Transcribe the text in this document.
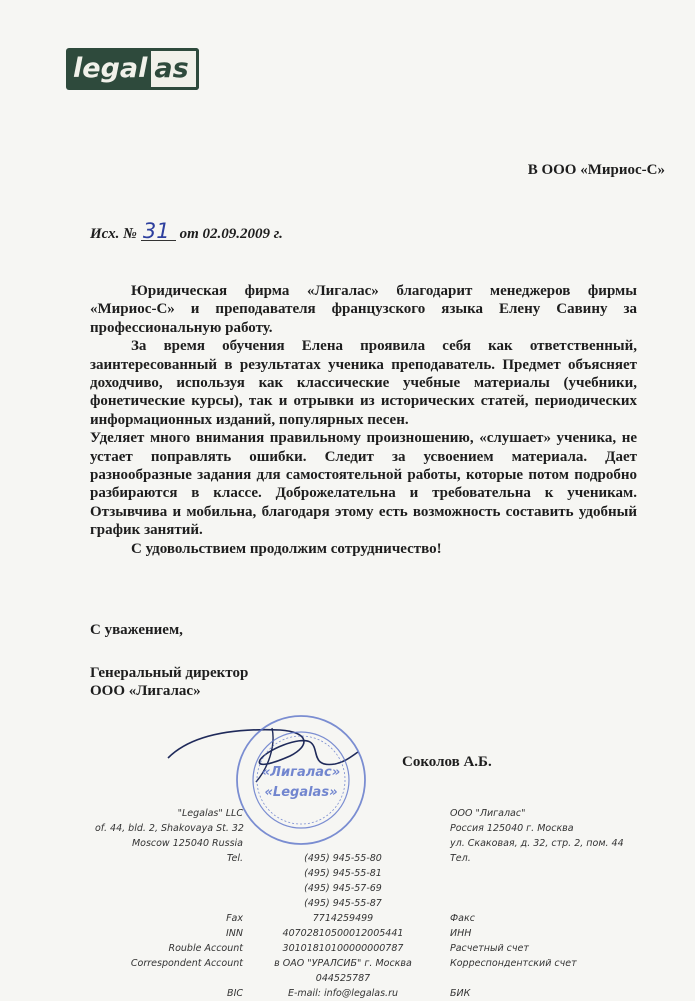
legal as
В ООО «Мириос-С»
Исх. № 31 от 02.09.2009 г.

Юридическая фирма «Лигалас» благодарит менеджеров фирмы «Мириос-С» и преподавателя французского языка Елену Савину за профессиональную работу.

За время обучения Елена проявила себя как ответственный, заинтересованный в результатах ученика преподаватель. Предмет объясняет доходчиво, используя как классические учебные материалы (учебники, фонетические курсы), так и отрывки из исторических статей, периодических информационных изданий, популярных песен.

Уделяет много внимания правильному произношению, «слушает» ученика, не устает поправлять ошибки. Следит за усвоением материала. Дает разнообразные задания для самостоятельной работы, которые потом подробно разбираются в классе. Доброжелательна и требовательна к ученикам. Отзывчива и мобильна, благодаря этому есть возможность составить удобный график занятий.

С удовольствием продолжим сотрудничество!

С уважением,
Генеральный директор
ООО «Лигалас»
«Лигалас»
«Legalas»
Соколов А.Б.
"Legalas" LLC
of. 44, bld. 2, Shakovaya St. 32
Moscow 125040 Russia
Tel.

Fax
INN
Rouble Account
Correspondent Account

BIC

(495) 945-55-80
(495) 945-55-81
(495) 945-57-69
(495) 945-55-87
7714259499
40702810500012005441
30101810100000000787
в ОАО "УРАЛСИБ" г. Москва
044525787
E-mail: info@legalas.ru
ООО "Лигалас"
Россия 125040 г. Москва
ул. Скаковая, д. 32, стр. 2, пом. 44
Тел.

Факс
ИНН
Расчетный счет
Корреспондентский счет

БИК
